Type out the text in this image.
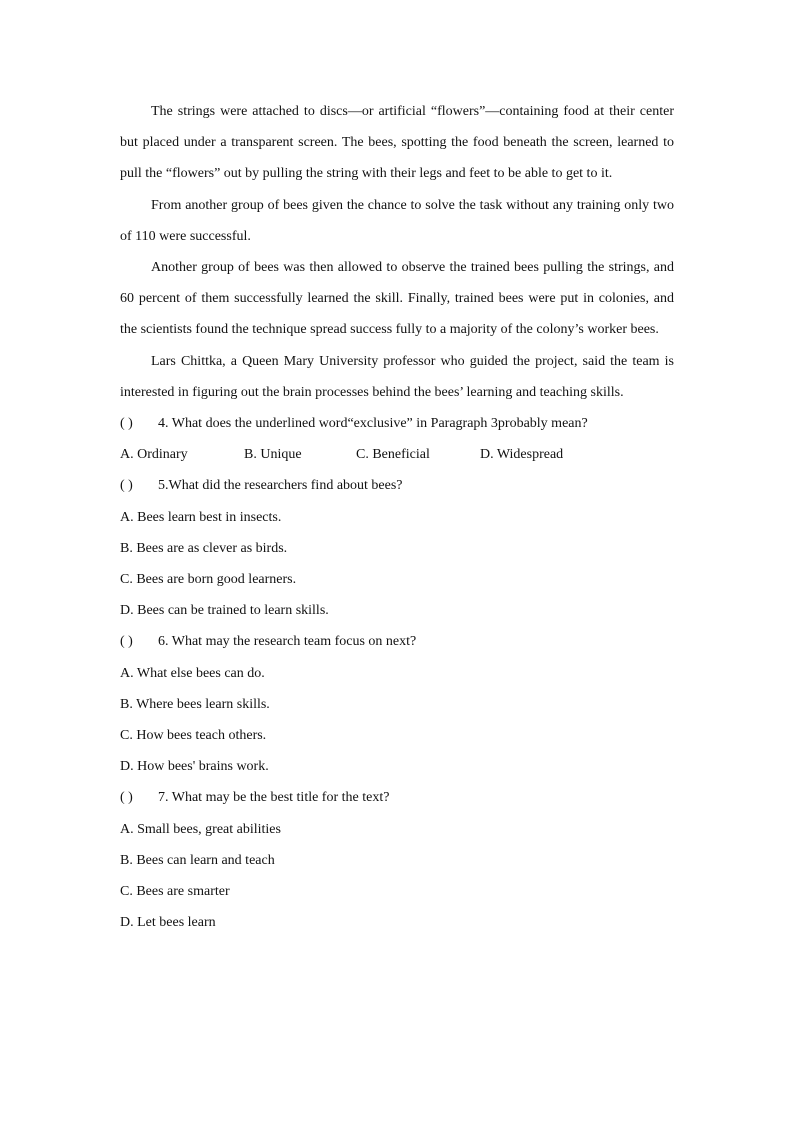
The strings were attached to discs—or artificial “flowers”—containing food at their center but placed under a transparent screen. The bees, spotting the food beneath the screen, learned to pull the “flowers” out by pulling the string with their legs and feet to be able to get to it.

From another group of bees given the chance to solve the task without any training only two of 110 were successful.

Another group of bees was then allowed to observe the trained bees pulling the strings, and 60 percent of them successfully learned the skill. Finally, trained bees were put in colonies, and the scientists found the technique spread success fully to a majority of the colony’s worker bees.

Lars Chittka, a Queen Mary University professor who guided the project, said the team is interested in figuring out the brain processes behind the bees’ learning and teaching skills.

( ) 4. What does the underlined word“exclusive” in Paragraph 3probably mean?

A. Ordinary	B. Unique	C. Beneficial	D. Widespread

( ) 5.What did the researchers find about bees?

A. Bees learn best in insects.

B. Bees are as clever as birds.

C. Bees are born good learners.

D. Bees can be trained to learn skills.

( ) 6. What may the research team focus on next?

A. What else bees can do.

B. Where bees learn skills.

C. How bees teach others.

D. How bees' brains work.

( ) 7. What may be the best title for the text?

A. Small bees, great abilities

B. Bees can learn and teach

C. Bees are smarter

D. Let bees learn
